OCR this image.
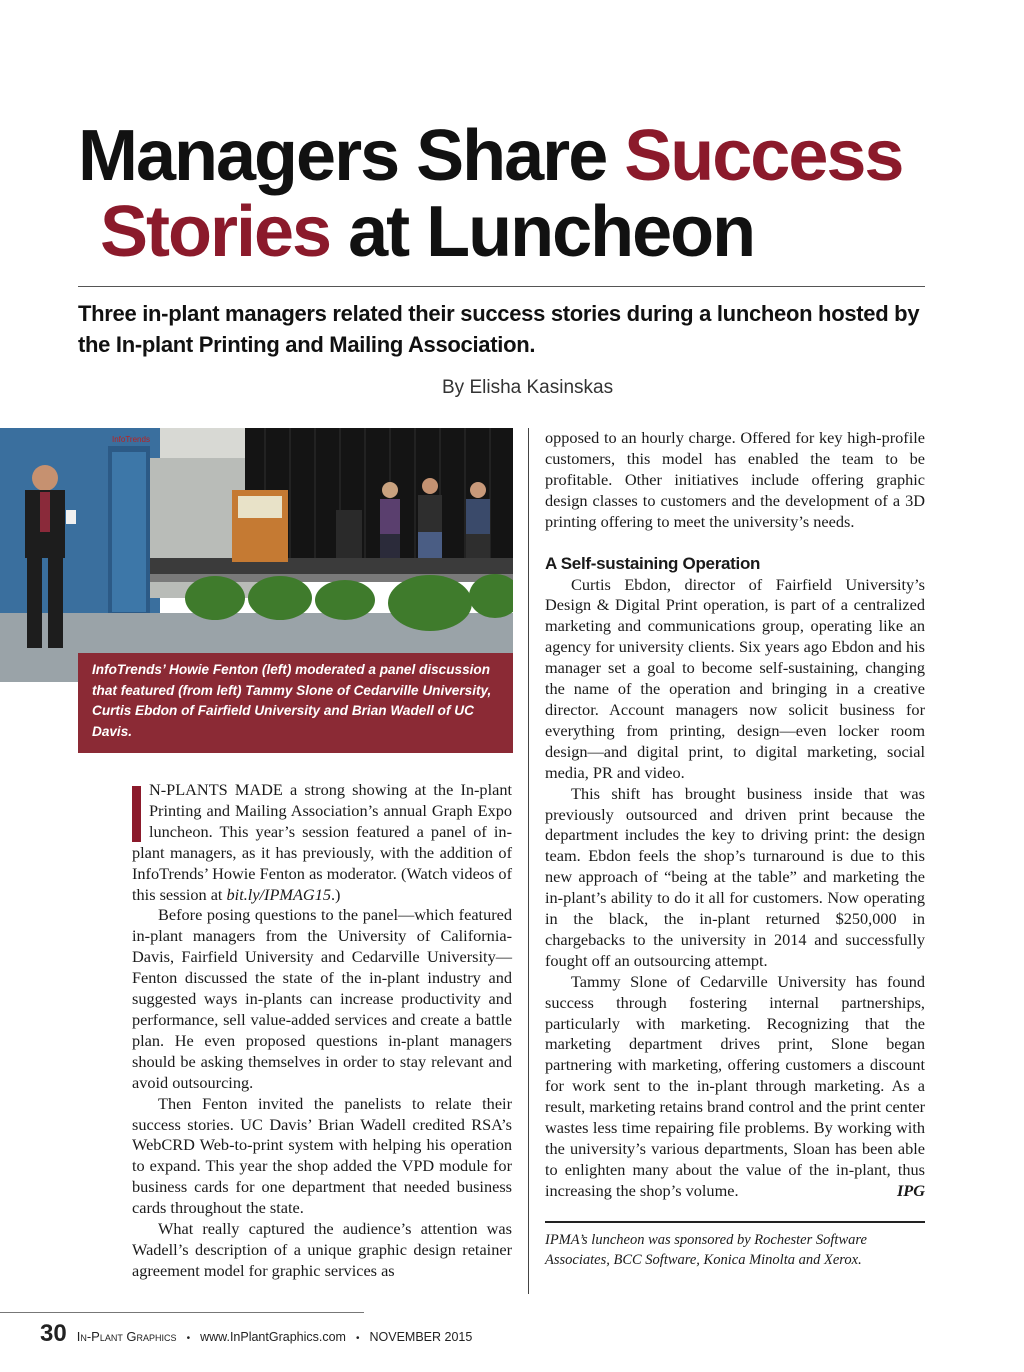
Managers Share Success
Stories at Luncheon

Three in-plant managers related their success stories during a luncheon hosted by the In-plant Printing and Mailing Association.

By Elisha Kasinskas
InfoTrends
InfoTrends’ Howie Fenton (left) moderated a panel discussion that featured (from left) Tammy Slone of Cedarville University, Curtis Ebdon of Fairfield University and Brian Wadell of UC Davis.

N-PLANTS MADE a strong showing at the In-plant Printing and Mailing Association’s annual Graph Expo luncheon. This year’s session featured a panel of in-plant managers, as it has previously, with the addition of InfoTrends’ Howie Fenton as moderator. (Watch videos of this session at bit.ly/IPMAG15.)

Before posing questions to the panel—which featured in-plant managers from the University of California-Davis, Fairfield University and Cedarville University—Fenton discussed the state of the in-plant industry and suggested ways in-plants can increase productivity and performance, sell value-added services and create a battle plan. He even proposed questions in-plant managers should be asking themselves in order to stay relevant and avoid outsourcing.

Then Fenton invited the panelists to relate their success stories. UC Davis’ Brian Wadell credited RSA’s WebCRD Web-to-print system with helping his operation to expand. This year the shop added the VPD module for business cards for one department that needed business cards throughout the state.

What really captured the audience’s attention was Wadell’s description of a unique graphic design retainer agreement model for graphic services as

opposed to an hourly charge. Offered for key high-profile customers, this model has enabled the team to be profitable. Other initiatives include offering graphic design classes to customers and the development of a 3D printing offering to meet the university’s needs.

A Self-sustaining Operation

Curtis Ebdon, director of Fairfield University’s Design & Digital Print operation, is part of a centralized marketing and communications group, operating like an agency for university clients. Six years ago Ebdon and his manager set a goal to become self-sustaining, changing the name of the operation and bringing in a creative director. Account managers now solicit business for everything from printing, design—even locker room design—and digital print, to digital marketing, social media, PR and video.

This shift has brought business inside that was previously outsourced and driven print because the department includes the key to driving print: the design team. Ebdon feels the shop’s turnaround is due to this new approach of “being at the table” and marketing the in-plant’s ability to do it all for customers. Now operating in the black, the in-plant returned $250,000 in chargebacks to the university in 2014 and successfully fought off an outsourcing attempt.

Tammy Slone of Cedarville University has found success through fostering internal partnerships, particularly with marketing. Recognizing that the marketing department drives print, Slone began partnering with marketing, offering customers a discount for work sent to the in-plant through marketing. As a result, marketing retains brand control and the print center wastes less time repairing file problems. By working with the university’s various departments, Sloan has been able to enlighten many about the value of the in-plant, thus increasing the shop’s volume.	IPG

IPMA’s luncheon was sponsored by Rochester Software Associates, BCC Software, Konica Minolta and Xerox.
30 In-Plant Graphics • www.InPlantGraphics.com • NOVEMBER 2015
